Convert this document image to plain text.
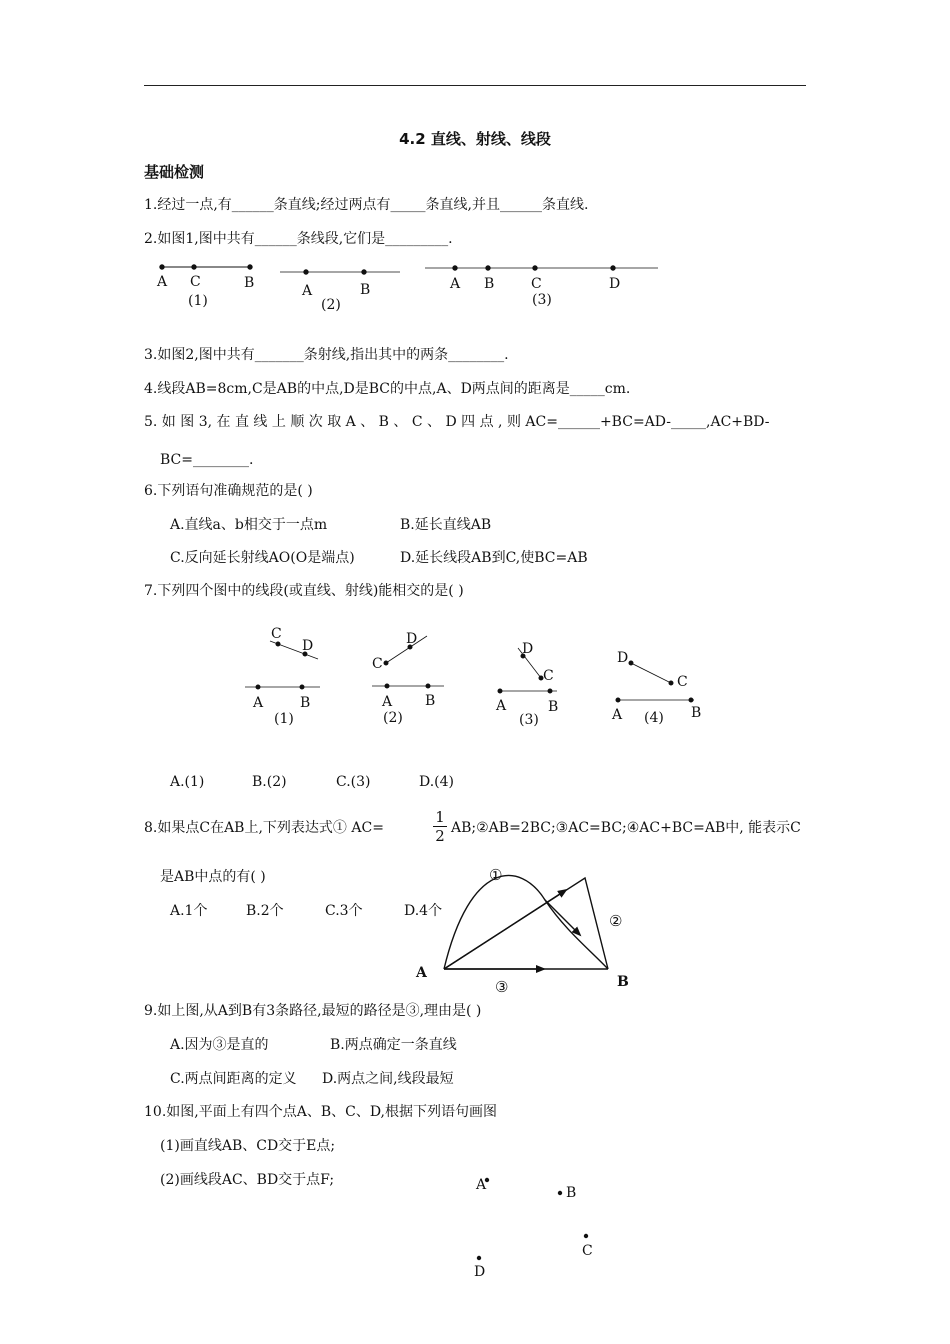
4.2 直线、射线、线段
基础检测
1.经过一点,有______条直线;经过两点有_____条直线,并且______条直线.
2.如图1,图中共有______条线段,它们是_________.
3.如图2,图中共有_______条射线,指出其中的两条________.
4.线段AB=8cm,C是AB的中点,D是BC的中点,A、D两点间的距离是_____cm.
5. 如 图 3, 在 直 线 上 顺 次 取 A 、 B 、 C 、 D 四 点 , 则 AC=______+BC=AD-_____,AC+BD-
BC=________.
6.下列语句准确规范的是( )
A.直线a、b相交于一点m	B.延长直线AB
C.反向延长射线AO(O是端点)	D.延长线段AB到C,使BC=AB
7.下列四个图中的线段(或直线、射线)能相交的是( )
A.(1)	B.(2)	C.(3)	D.(4)
8.如果点C在AB上,下列表达式① AC=	$\frac{1}{2}$ AB;②AB=2BC;③AC=BC;④AC+BC=AB中, 能表示C
是AB中点的有( )
A.1个	B.2个	C.3个	D.4个
9.如上图,从A到B有3条路径,最短的路径是③,理由是( )
A.因为③是直的	B.两点确定一条直线
C.两点间距离的定义 D.两点之间,线段最短
10.如图,平面上有四个点A、B、C、D,根据下列语句画图
(1)画直线AB、CD交于E点;
(2)画线段AC、BD交于点F;
A C	B
(1)
A	B
(2)
A B	C	D
(3)
C
D
A	B
(1)
C
D
A B
(2)
D
C
A	B
(3)
D
C
A	B
(4)
A
B
①
②
③
A	B
C
D
